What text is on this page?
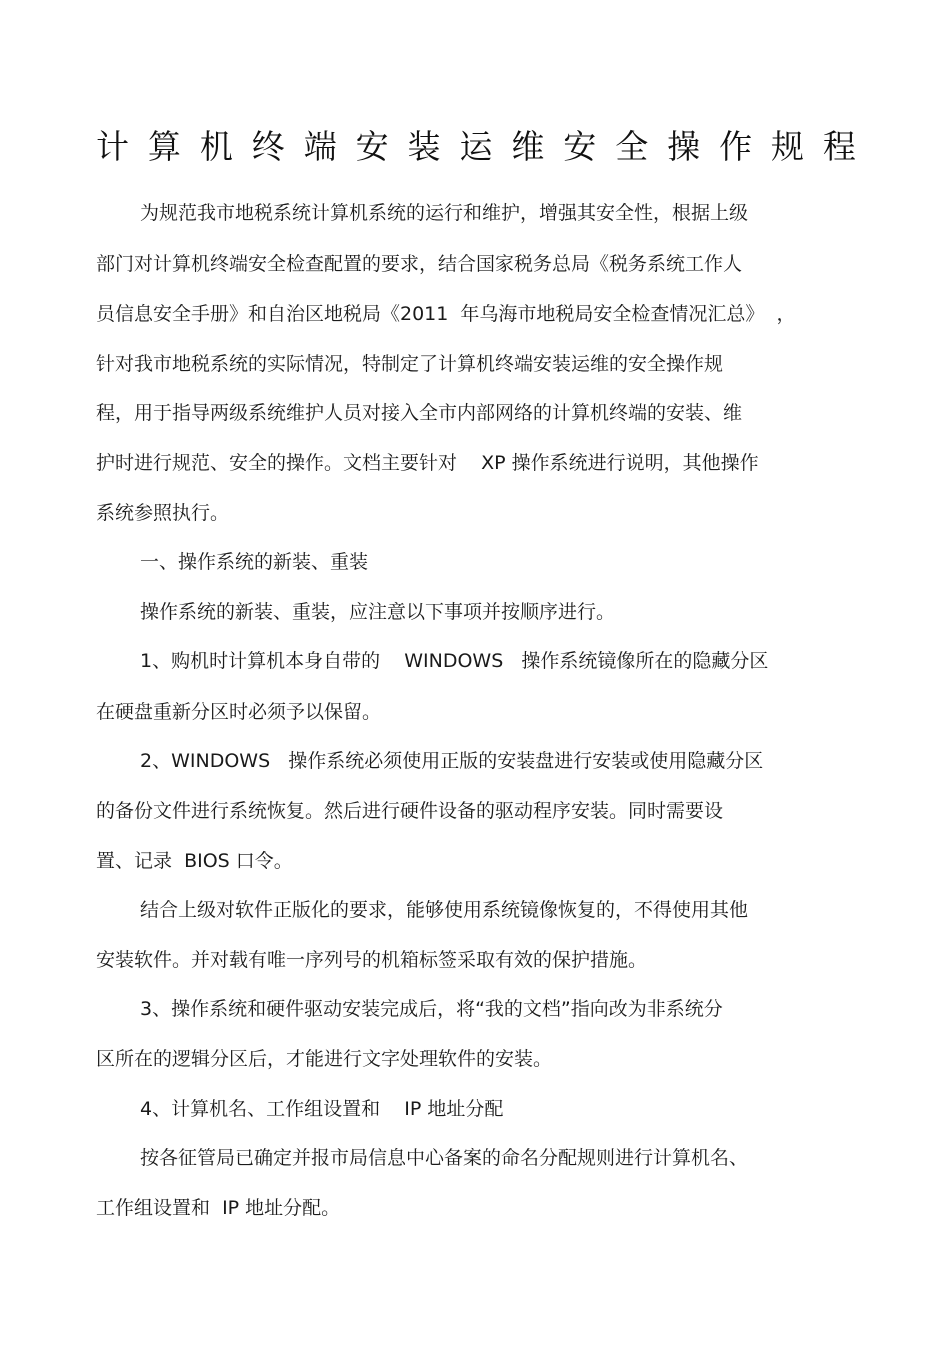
计 算 机 终 端 安 装 运 维 安 全 操 作 规 程
为规范我市地税系统计算机系统的运行和维护，增强其安全性，根据上级
部门对计算机终端安全检查配置的要求，结合国家税务总局《税务系统工作人
员信息安全手册》和自治区地税局《2011  年乌海市地税局安全检查情况汇总》  ，
针对我市地税系统的实际情况，特制定了计算机终端安装运维的安全操作规
程，用于指导两级系统维护人员对接入全市内部网络的计算机终端的安装、维
护时进行规范、安全的操作。文档主要针对    XP 操作系统进行说明，其他操作
系统参照执行。
一、操作系统的新装、重装
操作系统的新装、重装，应注意以下事项并按顺序进行。
1、购机时计算机本身自带的    WINDOWS   操作系统镜像所在的隐藏分区
在硬盘重新分区时必须予以保留。
2、WINDOWS   操作系统必须使用正版的安装盘进行安装或使用隐藏分区
的备份文件进行系统恢复。然后进行硬件设备的驱动程序安装。同时需要设
置、记录  BIOS 口令。
结合上级对软件正版化的要求，能够使用系统镜像恢复的，不得使用其他
安装软件。并对载有唯一序列号的机箱标签采取有效的保护措施。
3、操作系统和硬件驱动安装完成后，将“我的文档”指向改为非系统分
区所在的逻辑分区后，才能进行文字处理软件的安装。
4、计算机名、工作组设置和    IP 地址分配
按各征管局已确定并报市局信息中心备案的命名分配规则进行计算机名、
工作组设置和  IP 地址分配。
